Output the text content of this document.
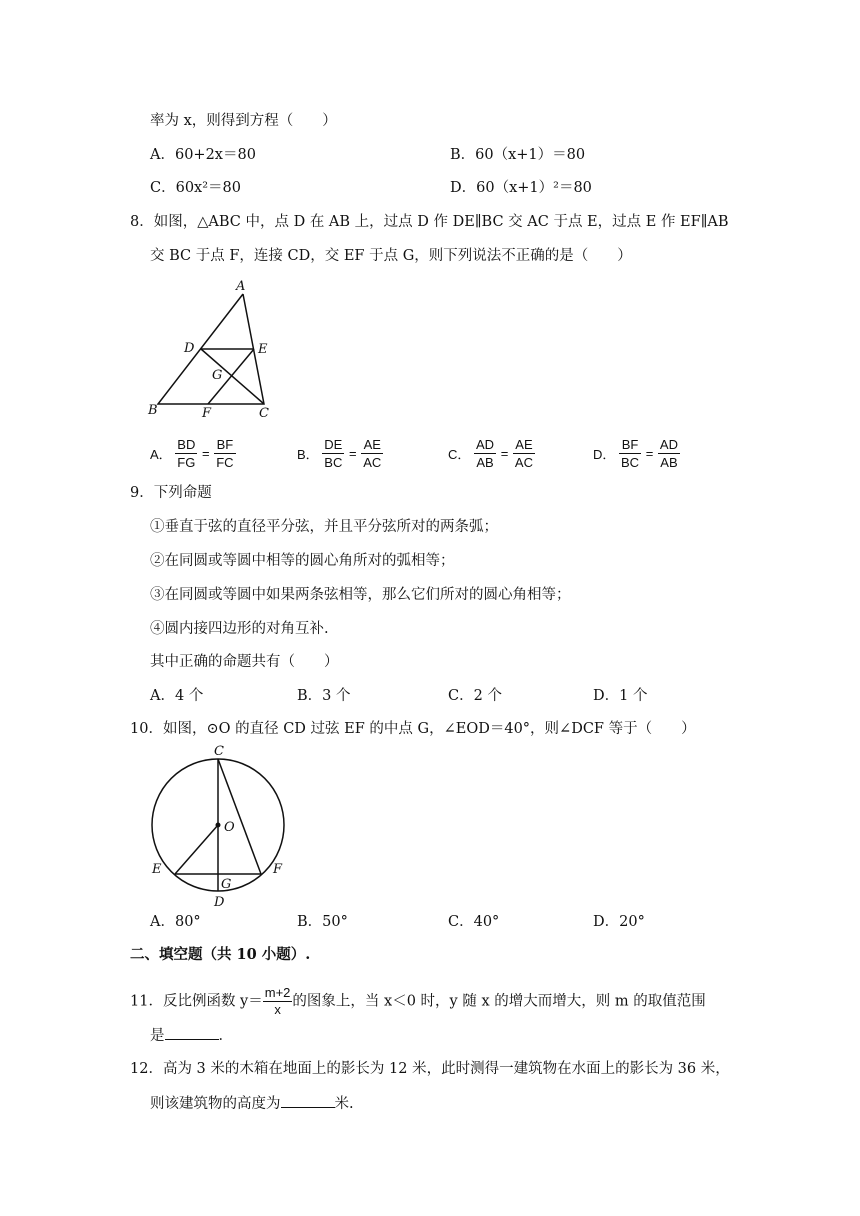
率为 x，则得到方程（　　）
A．60+2x＝80	B．60（x+1）＝80
C．60x²＝80	D．60（x+1）²＝80
8．如图，△ABC 中，点 D 在 AB 上，过点 D 作 DE∥BC 交 AC 于点 E，过点 E 作 EF∥AB
交 BC 于点 F，连接 CD，交 EF 于点 G，则下列说法不正确的是（　　）
A
D	E
G
B	F	C
A． $\frac{BD}{FG} = \frac{BF}{FC}$	B． $\frac{DE}{BC} = \frac{AE}{AC}$	C． $\frac{AD}{AB} = \frac{AE}{AC}$	D． $\frac{BF}{BC} = \frac{AD}{AB}$
9．下列命题
①垂直于弦的直径平分弦，并且平分弦所对的两条弧；
②在同圆或等圆中相等的圆心角所对的弧相等；
③在同圆或等圆中如果两条弦相等，那么它们所对的圆心角相等；
④圆内接四边形的对角互补.
其中正确的命题共有（　　）
A．4 个	B．3 个	C．2 个	D．1 个
10．如图，⊙O 的直径 CD 过弦 EF 的中点 G，∠EOD＝40°，则∠DCF 等于（　　）
C
O
E
G
F
D
A．80°	B．50°	C．40°	D．20°
二、填空题（共 10 小题）.
11．反比例函数 $y= \frac{m+2}{x}$ 的图象上，当 x＜0 时，y 随 x 的增大而增大，则 m 的取值范围
是	．
12．高为 3 米的木箱在地面上的影长为 12 米，此时测得一建筑物在水面上的影长为 36 米，
则该建筑物的高度为	米.
